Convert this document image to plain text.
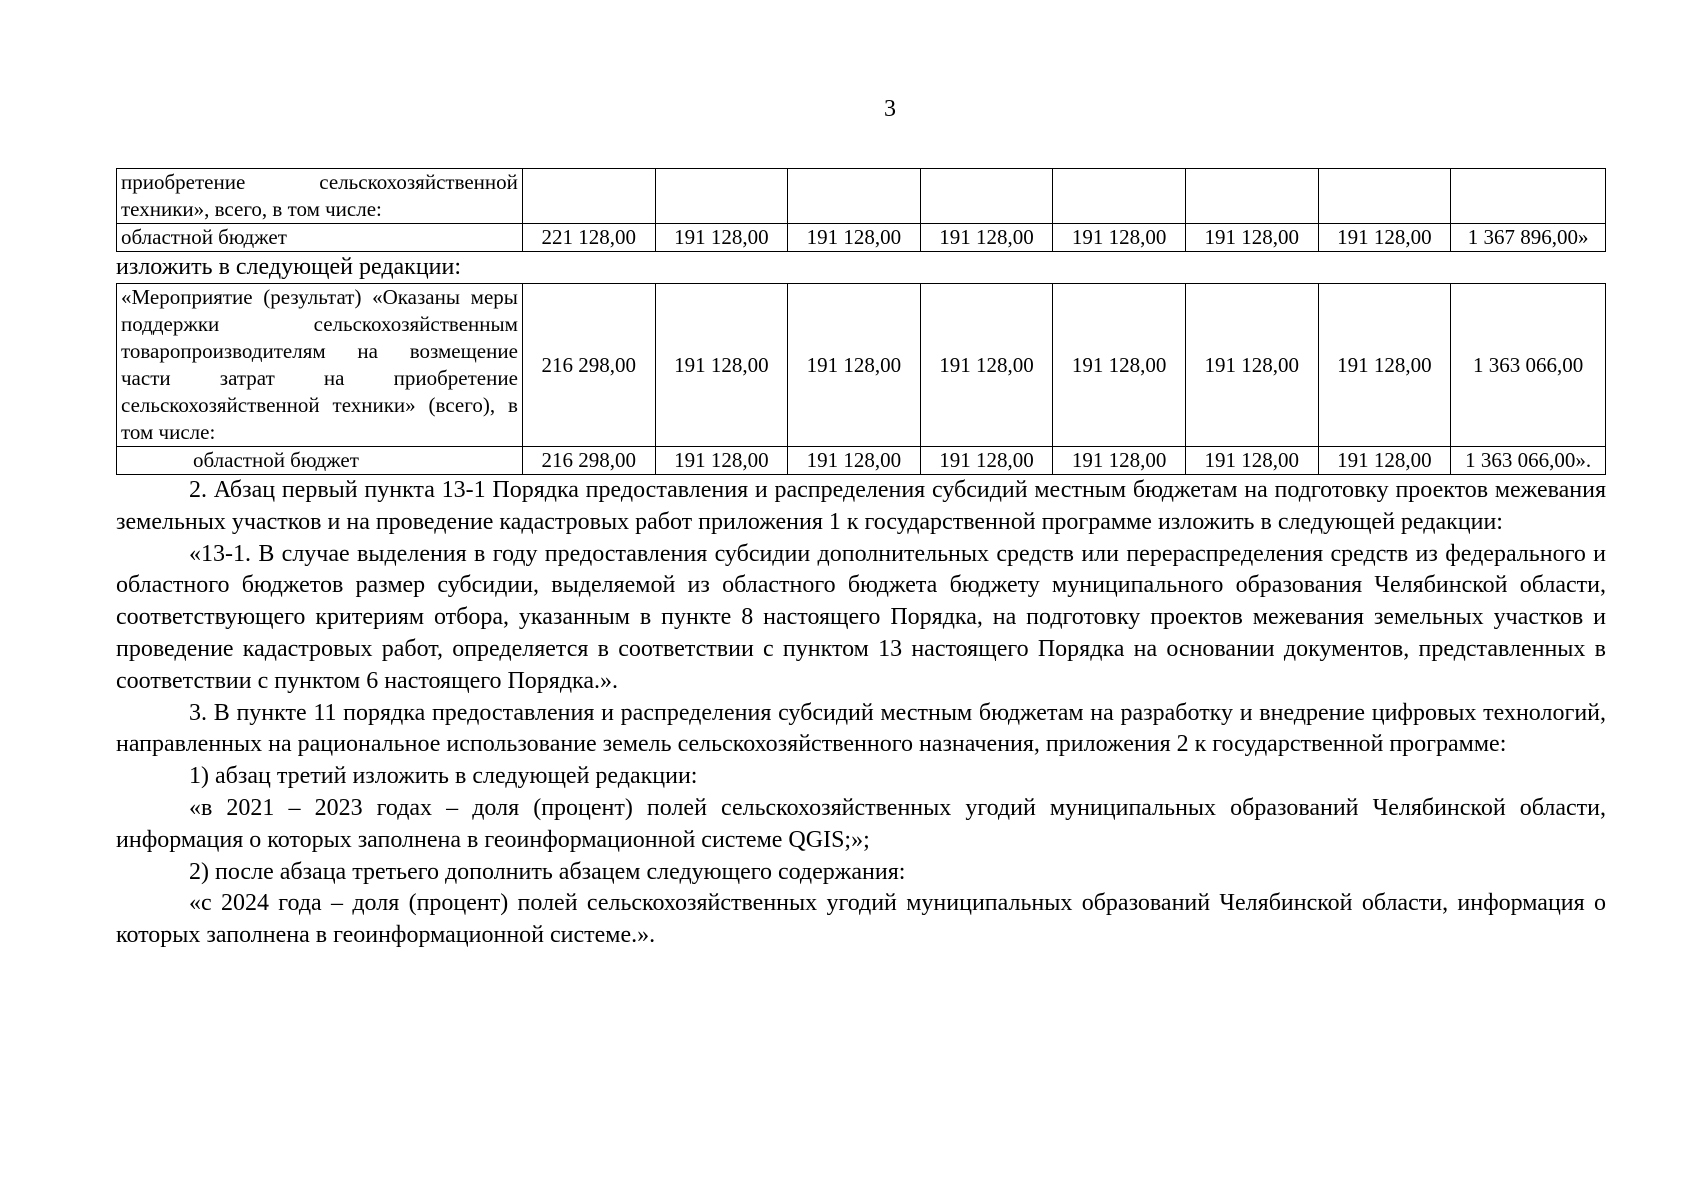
3
приобретение сельскохозяйственной техники», всего, в том числе:								
областной бюджет	221 128,00	191 128,00	191 128,00	191 128,00	191 128,00	191 128,00	191 128,00	1 367 896,00»

изложить в следующей редакции:

«Мероприятие (результат) «Оказаны меры поддержки сельскохозяйственным товаропроизводителям на возмещение части затрат на приобретение сельскохозяйственной техники» (всего), в том числе:	216 298,00	191 128,00	191 128,00	191 128,00	191 128,00	191 128,00	191 128,00	1 363 066,00
областной бюджет	216 298,00	191 128,00	191 128,00	191 128,00	191 128,00	191 128,00	191 128,00	1 363 066,00».

2. Абзац первый пункта 13-1 Порядка предоставления и распределения субсидий местным бюджетам на подготовку проектов межевания земельных участков и на проведение кадастровых работ приложения 1 к государственной программе изложить в следующей редакции:

«13-1. В случае выделения в году предоставления субсидии дополнительных средств или перераспределения средств из федерального и областного бюджетов размер субсидии, выделяемой из областного бюджета бюджету муниципального образования Челябинской области, соответствующего критериям отбора, указанным в пункте 8 настоящего Порядка, на подготовку проектов межевания земельных участков и проведение кадастровых работ, определяется в соответствии с пунктом 13 настоящего Порядка на основании документов, представленных в соответствии с пунктом 6 настоящего Порядка.».

3. В пункте 11 порядка предоставления и распределения субсидий местным бюджетам на разработку и внедрение цифровых технологий, направленных на рациональное использование земель сельскохозяйственного назначения, приложения 2 к государственной программе:

1) абзац третий изложить в следующей редакции:

«в 2021 – 2023 годах – доля (процент) полей сельскохозяйственных угодий муниципальных образований Челябинской области, информация о которых заполнена в геоинформационной системе QGIS;»;

2) после абзаца третьего дополнить абзацем следующего содержания:

«с 2024 года – доля (процент) полей сельскохозяйственных угодий муниципальных образований Челябинской области, информация о которых заполнена в геоинформационной системе.».
